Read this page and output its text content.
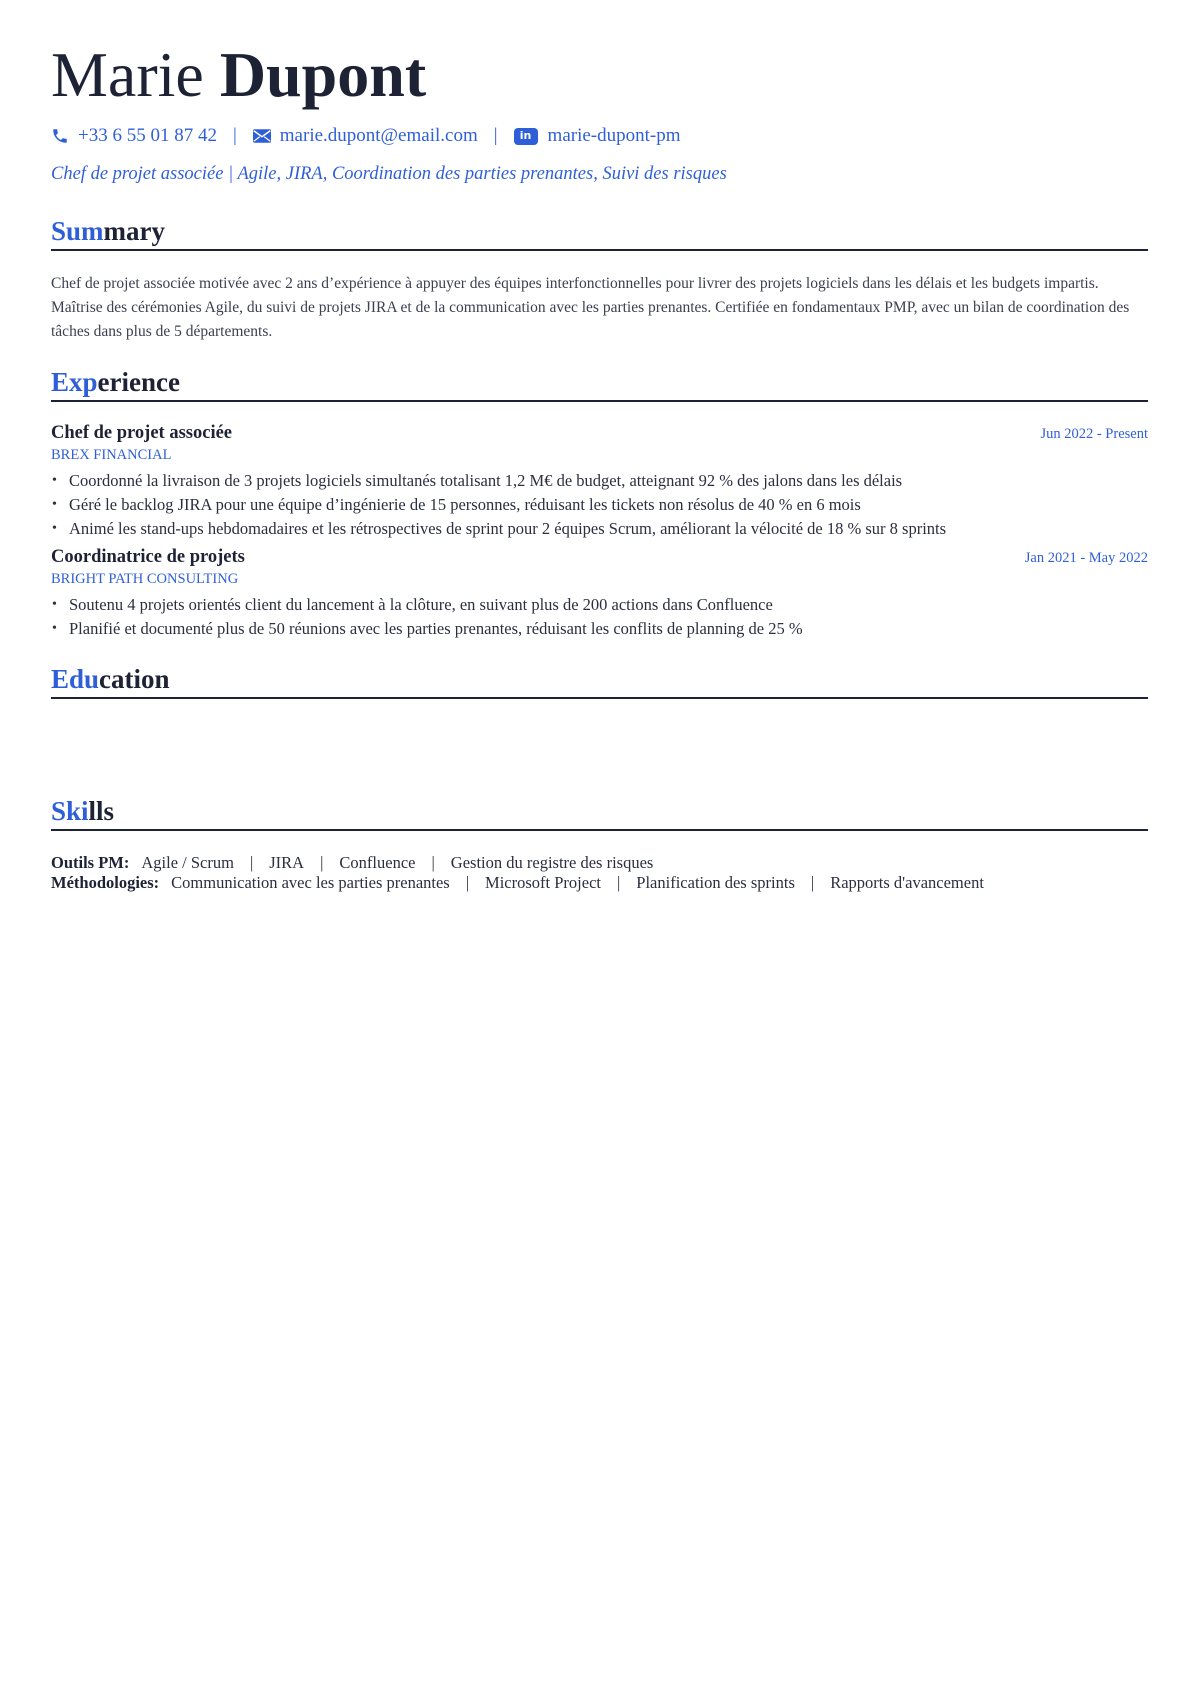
Marie Dupont
+33 6 55 01 87 42 | marie.dupont@email.com |	in marie-dupont-pm
Chef de projet associée | Agile, JIRA, Coordination des parties prenantes, Suivi des risques
Summary
Chef de projet associée motivée avec 2 ans d’expérience à appuyer des équipes interfonctionnelles pour livrer des projets logiciels dans les délais et les budgets impartis. Maîtrise des cérémonies Agile, du suivi de projets JIRA et de la communication avec les parties prenantes. Certifiée en fondamentaux PMP, avec un bilan de coordination des tâches dans plus de 5 départements.
Experience
Chef de projet associée	Jun 2022 - Present
BREX FINANCIAL
• Coordonné la livraison de 3 projets logiciels simultanés totalisant 1,2 M€ de budget, atteignant 92 % des jalons dans les délais
• Géré le backlog JIRA pour une équipe d’ingénierie de 15 personnes, réduisant les tickets non résolus de 40 % en 6 mois
• Animé les stand-ups hebdomadaires et les rétrospectives de sprint pour 2 équipes Scrum, améliorant la vélocité de 18 % sur 8 sprints
Coordinatrice de projets	Jan 2021 - May 2022
BRIGHT PATH CONSULTING
• Soutenu 4 projets orientés client du lancement à la clôture, en suivant plus de 200 actions dans Confluence
• Planifié et documenté plus de 50 réunions avec les parties prenantes, réduisant les conflits de planning de 25 %
Education
Skills
Outils PM: Agile / Scrum | JIRA | Confluence | Gestion du registre des risques
Méthodologies: Communication avec les parties prenantes | Microsoft Project | Planification des sprints | Rapports d'avancement
